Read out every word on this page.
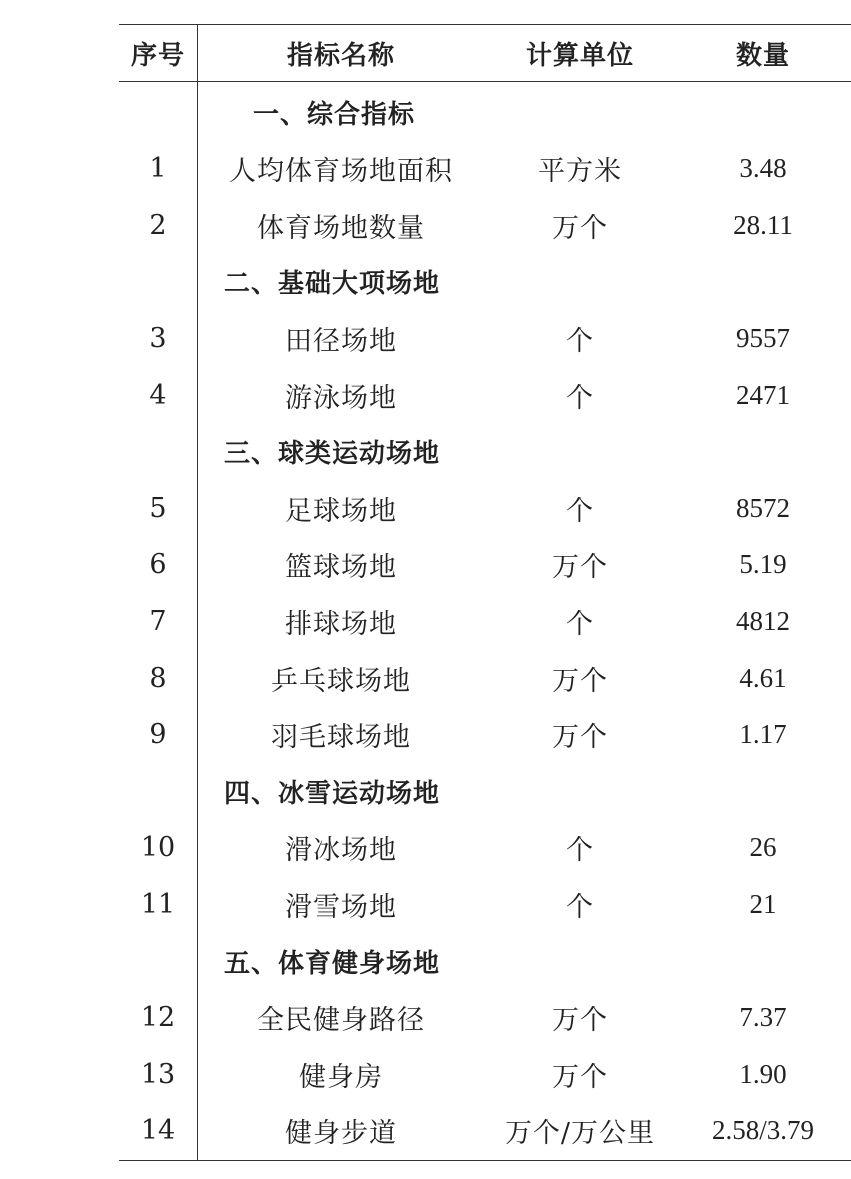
序号	指标名称	计算单位	数量
一、综合指标
1	人均体育场地面积	平方米	3.48
2	体育场地数量	万个	28.11
二、基础大项场地
3	田径场地	个	9557
4	游泳场地	个	2471
三、球类运动场地
5	足球场地	个	8572
6	篮球场地	万个	5.19
7	排球场地	个	4812
8	乒乓球场地	万个	4.61
9	羽毛球场地	万个	1.17
四、冰雪运动场地
10	滑冰场地	个	26
11	滑雪场地	个	21
五、体育健身场地
12	全民健身路径	万个	7.37
13	健身房	万个	1.90
14	健身步道	万个/万公里	2.58/3.79
